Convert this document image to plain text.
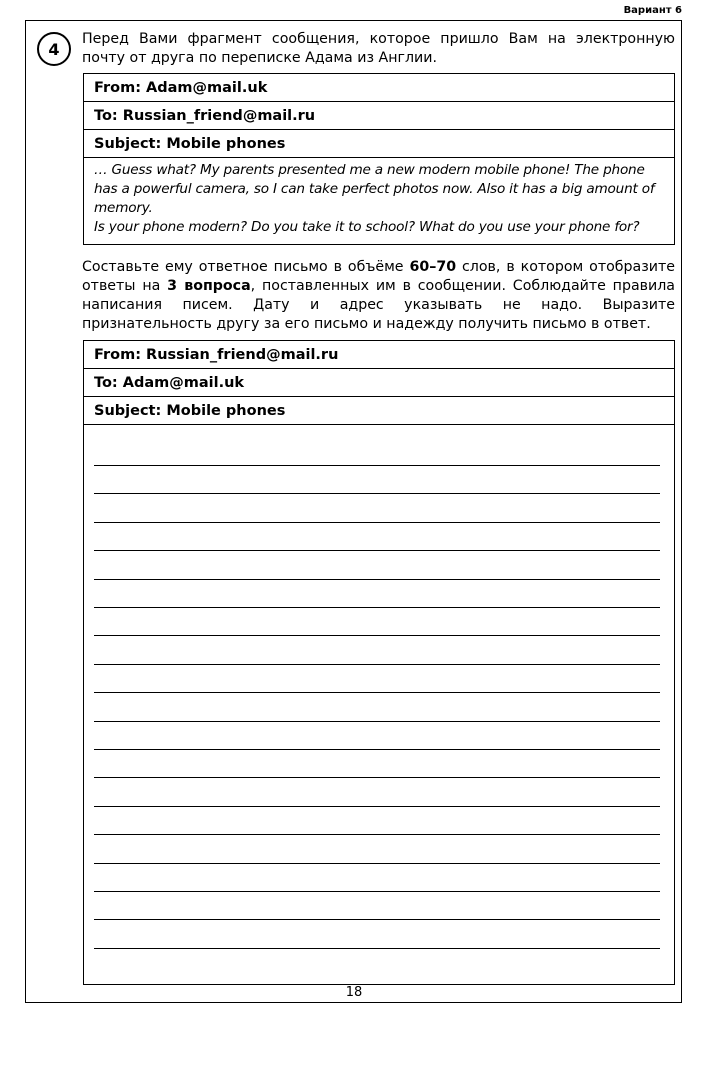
Вариант 6
4

Перед Вами фрагмент сообщения, которое пришло Вам на электронную почту от друга по переписке Адама из Англии.

From: Adam@mail.uk
To: Russian_friend@mail.ru
Subject: Mobile phones
… Guess what? My parents presented me a new modern mobile phone! The phone has a powerful camera, so I can take perfect photos now. Also it has a big amount of memory.
Is your phone modern? Do you take it to school? What do you use your phone for?

Составьте ему ответное письмо в объёме 60–70 слов, в котором отобразите ответы на 3 вопроса, поставленных им в сообщении. Соблюдайте правила написания писем. Дату и адрес указывать не надо. Выразите признательность другу за его письмо и надежду получить письмо в ответ.

From: Russian_friend@mail.ru
To: Adam@mail.uk
Subject: Mobile phones
18
